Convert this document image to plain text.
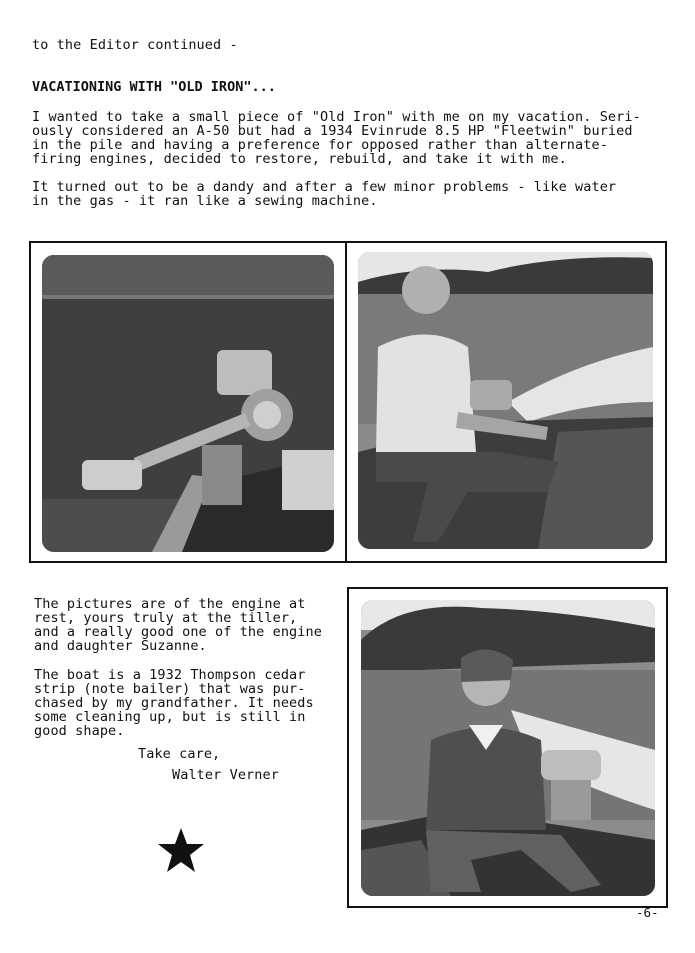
to the Editor continued -
VACATIONING WITH "OLD IRON"...
I wanted to take a small piece of "Old Iron" with me on my vacation. Seri-
ously considered an A-50 but had a 1934 Evinrude 8.5 HP "Fleetwin" buried
in the pile and having a preference for opposed rather than alternate-
firing engines, decided to restore, rebuild, and take it with me.
It turned out to be a dandy and after a few minor problems - like water
in the gas - it ran like a sewing machine.
The pictures are of the engine at
rest, yours truly at the tiller,
and a really good one of the engine
and daughter Suzanne.
The boat is a 1932 Thompson cedar
strip (note bailer) that was pur-
chased by my grandfather. It needs
some cleaning up, but is still in
good shape.
Take care,
Walter Verner
-6-
